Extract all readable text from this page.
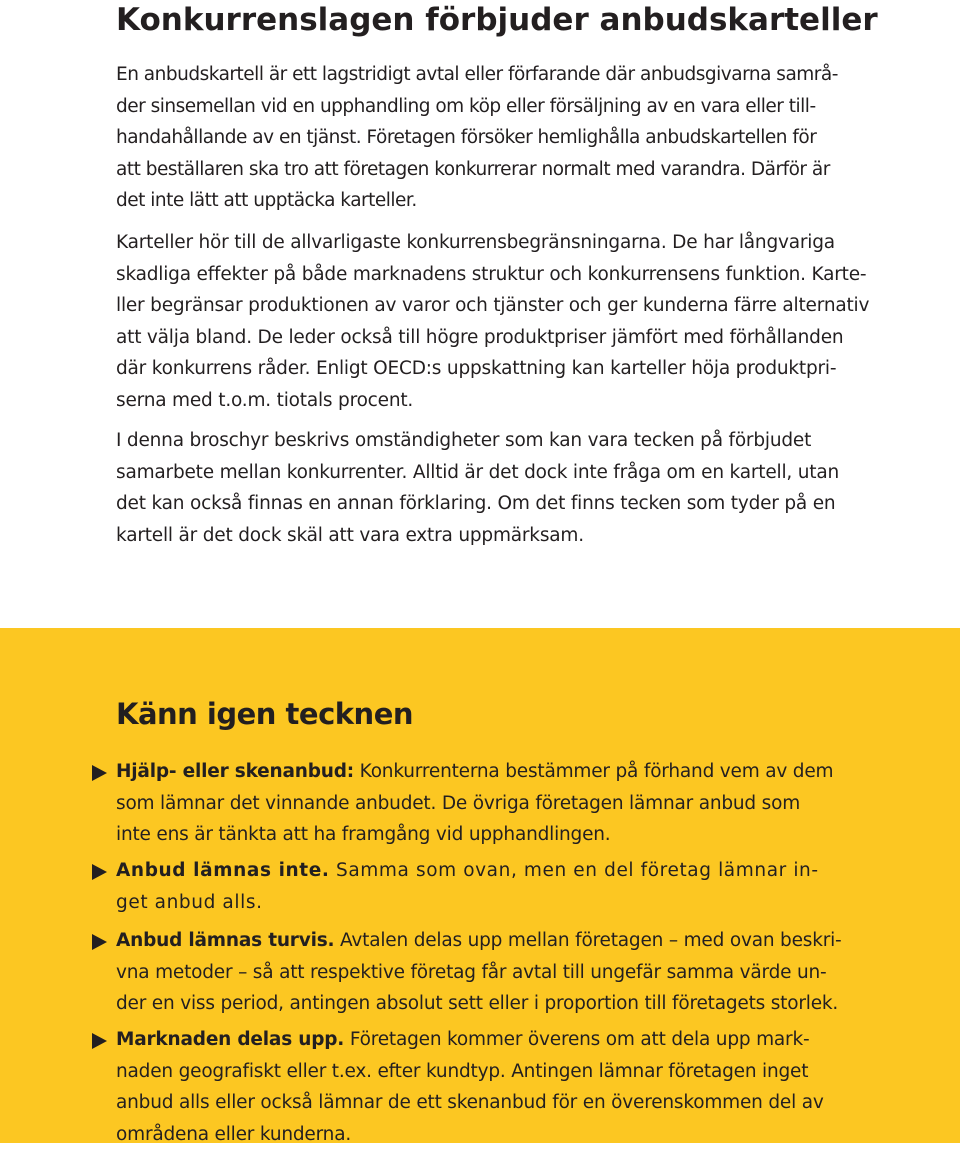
Konkurrenslagen förbjuder anbudskarteller

En anbudskartell är ett lagstridigt avtal eller förfarande där anbudsgivarna samrå-
der sinsemellan vid en upphandling om köp eller försäljning av en vara eller till-
handahållande av en tjänst. Företagen försöker hemlighålla anbudskartellen för
att beställaren ska tro att företagen konkurrerar normalt med varandra. Därför är
det inte lätt att upptäcka karteller.

Karteller hör till de allvarligaste konkurrensbegränsningarna. De har långvariga
skadliga effekter på både marknadens struktur och konkurrensens funktion. Karte-
ller begränsar produktionen av varor och tjänster och ger kunderna färre alternativ
att välja bland. De leder också till högre produktpriser jämfört med förhållanden
där konkurrens råder. Enligt OECD:s uppskattning kan karteller höja produktpri-
serna med t.o.m. tiotals procent.

I denna broschyr beskrivs omständigheter som kan vara tecken på förbjudet
samarbete mellan konkurrenter. Alltid är det dock inte fråga om en kartell, utan
det kan också finnas en annan förklaring. Om det finns tecken som tyder på en
kartell är det dock skäl att vara extra uppmärksam.

Känn igen tecknen
Hjälp- eller skenanbud: Konkurrenterna bestämmer på förhand vem av dem
som lämnar det vinnande anbudet. De övriga företagen lämnar anbud som
inte ens är tänkta att ha framgång vid upphandlingen.
Anbud lämnas inte. Samma som ovan, men en del företag lämnar in-
get anbud alls.
Anbud lämnas turvis. Avtalen delas upp mellan företagen – med ovan beskri-
vna metoder – så att respektive företag får avtal till ungefär samma värde un-
der en viss period, antingen absolut sett eller i proportion till företagets storlek.
Marknaden delas upp. Företagen kommer överens om att dela upp mark-
naden geografiskt eller t.ex. efter kundtyp. Antingen lämnar företagen inget
anbud alls eller också lämnar de ett skenanbud för en överenskommen del av
områdena eller kunderna.
